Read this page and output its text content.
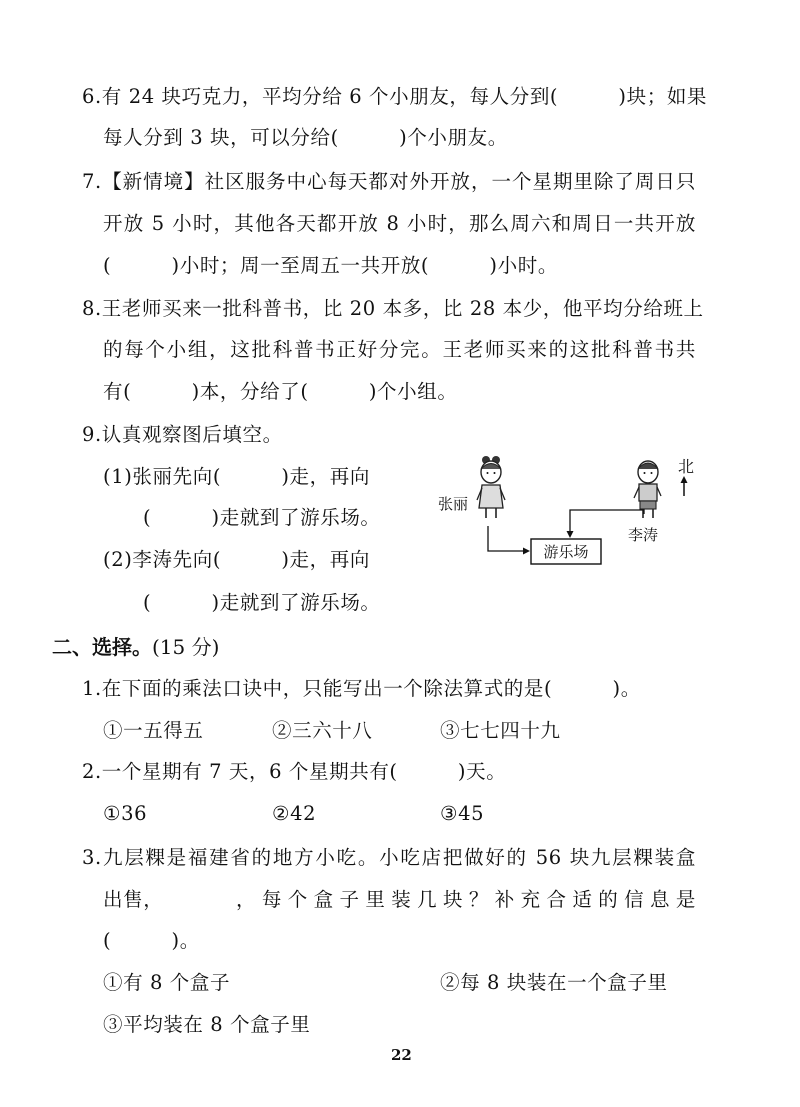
6.有 24 块巧克力，平均分给 6 个小朋友，每人分到(　　　)块；如果
每人分到 3 块，可以分给(　　　)个小朋友。
7.【新情境】社区服务中心每天都对外开放，一个星期里除了周日只
开放 5 小时，其他各天都开放 8 小时，那么周六和周日一共开放
(　　　)小时；周一至周五一共开放(　　　)小时。
8.王老师买来一批科普书，比 20 本多，比 28 本少，他平均分给班上
的每个小组，这批科普书正好分完。王老师买来的这批科普书共
有(　　　)本，分给了(　　　)个小组。
9.认真观察图后填空。
(1)张丽先向(　　　)走，再向
(　　　)走就到了游乐场。
(2)李涛先向(　　　)走，再向
(　　　)走就到了游乐场。
北
张丽
李涛
游乐场
二、选择。(15 分)
1.在下面的乘法口诀中，只能写出一个除法算式的是(　　　)。
①一五得五	②三六十八	③七七四十九
2.一个星期有 7 天，6 个星期共有(　　　)天。
①36	②42	③45
3.九层粿是福建省的地方小吃。小吃店把做好的 56 块九层粿装盒
出售，	，每个盒子里装几块？补充合适的信息是
(　　　)。
①有 8 个盒子	②每 8 块装在一个盒子里
③平均装在 8 个盒子里
22
